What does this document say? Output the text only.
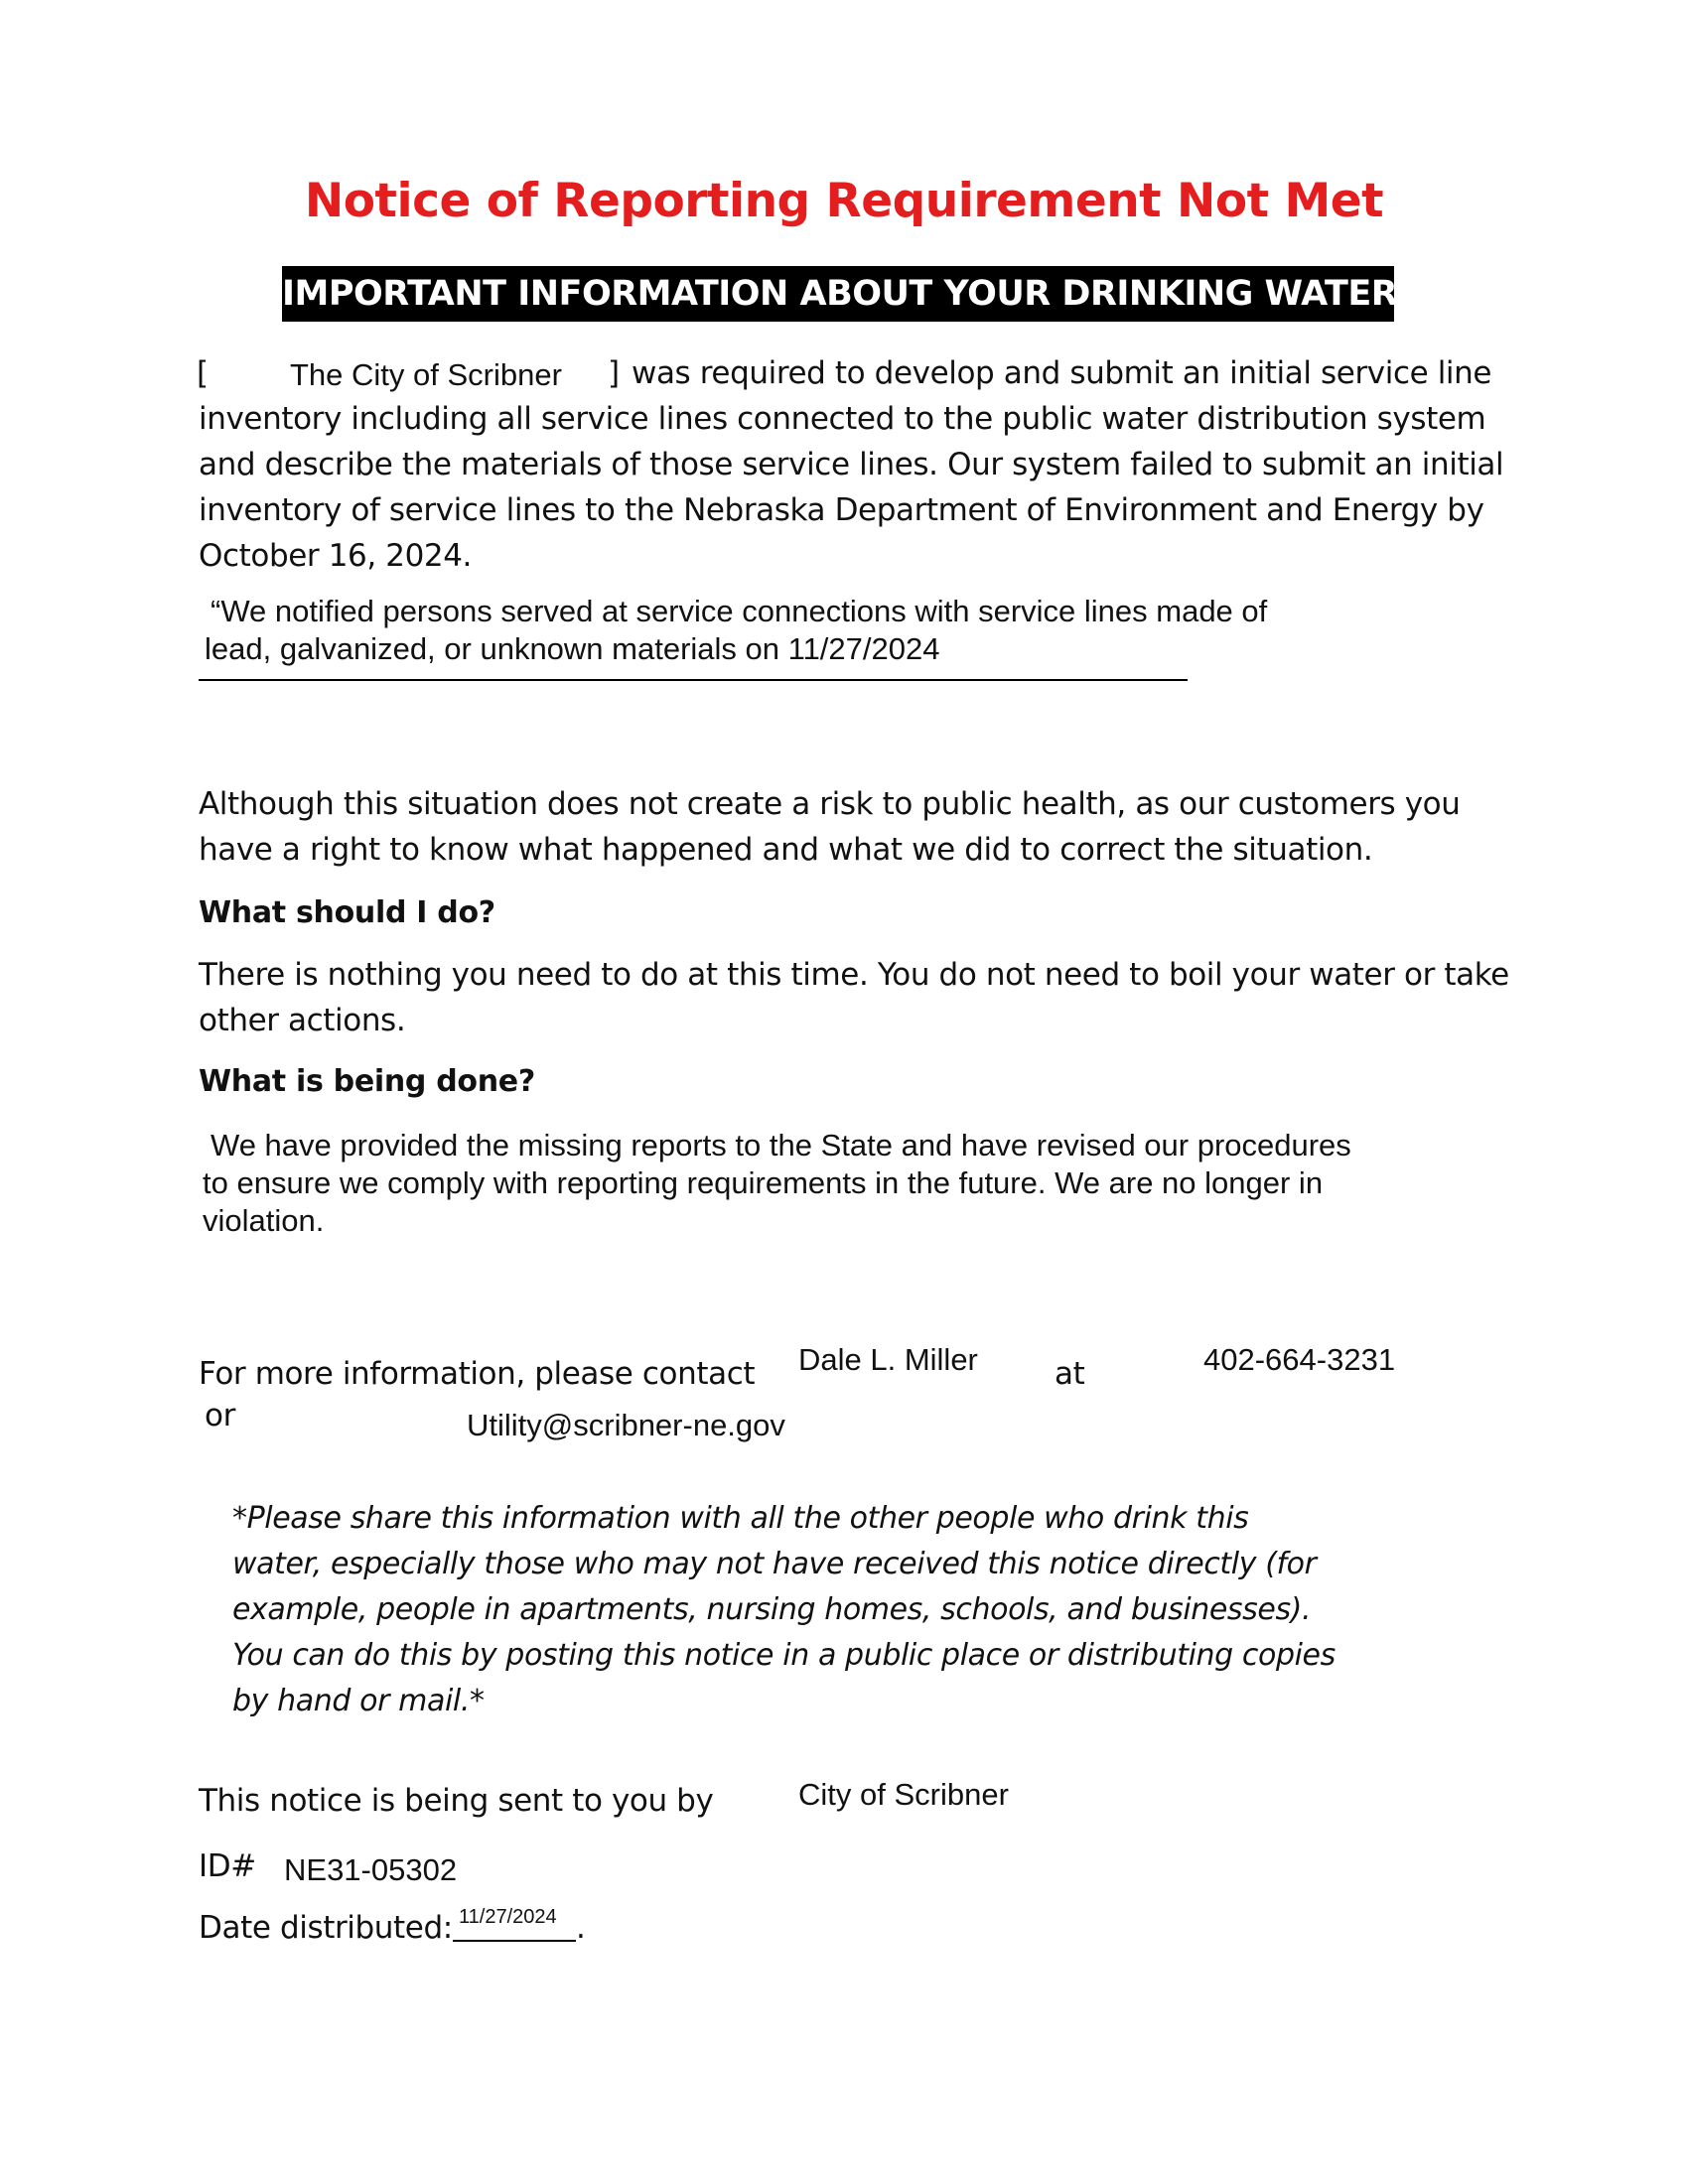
Notice of Reporting Requirement Not Met
IMPORTANT INFORMATION ABOUT YOUR DRINKING WATER
[	The City of Scribner ] was required to develop and submit an initial service line
inventory including all service lines connected to the public water distribution system
and describe the materials of those service lines. Our system failed to submit an initial
inventory of service lines to the Nebraska Department of Environment and Energy by
October 16, 2024.
“We notified persons served at service connections with service lines made of
lead, galvanized, or unknown materials on 11/27/2024
Although this situation does not create a risk to public health, as our customers you
have a right to know what happened and what we did to correct the situation.
What should I do?
There is nothing you need to do at this time. You do not need to boil your water or take
other actions.
What is being done?
We have provided the missing reports to the State and have revised our procedures
to ensure we comply with reporting requirements in the future. We are no longer in
violation.
For more information, please contact Dale L. Miller at	402-664-3231
or	Utility@scribner-ne.gov
*Please share this information with all the other people who drink this
water, especially those who may not have received this notice directly (for
example, people in apartments, nursing homes, schools, and businesses).
You can do this by posting this notice in a public place or distributing copies
by hand or mail.*
This notice is being sent to you by	City of Scribner
ID# NE31-05302
Date distributed: 11/27/2024 .
